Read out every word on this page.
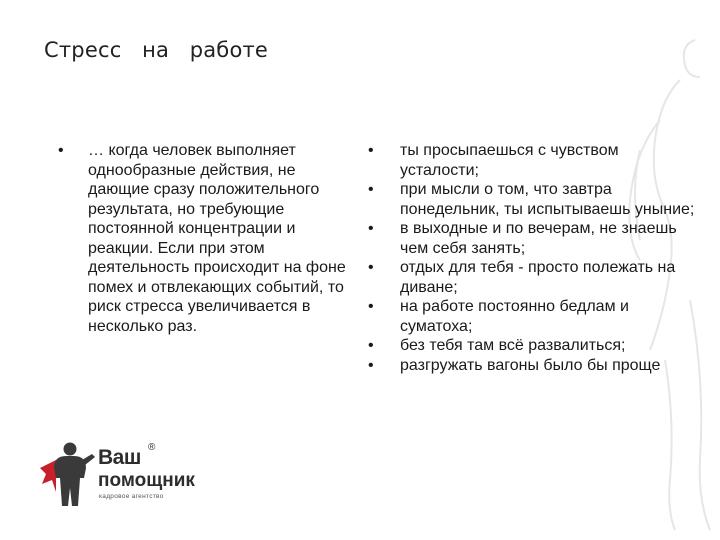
Стресс   на   работе
•	… когда человек выполняет однообразные действия, не дающие сразу положительного результата, но требующие постоянной концентрации и реакции. Если при этом деятельность происходит на фоне помех и отвлекающих событий, то риск стресса увеличивается в несколько раз.
•	ты просыпаешься с чувством усталости;
•	при мысли о том, что завтра понедельник, ты испытываешь уныние;
•	в выходные и по вечерам, не знаешь чем себя занять;
•	отдых для тебя - просто полежать на диване;
•	на работе постоянно бедлам и суматоха;
•	без тебя там всё развалиться;
•	разгружать вагоны было бы проще
Ваш ®
помощник
кадровое агентство
